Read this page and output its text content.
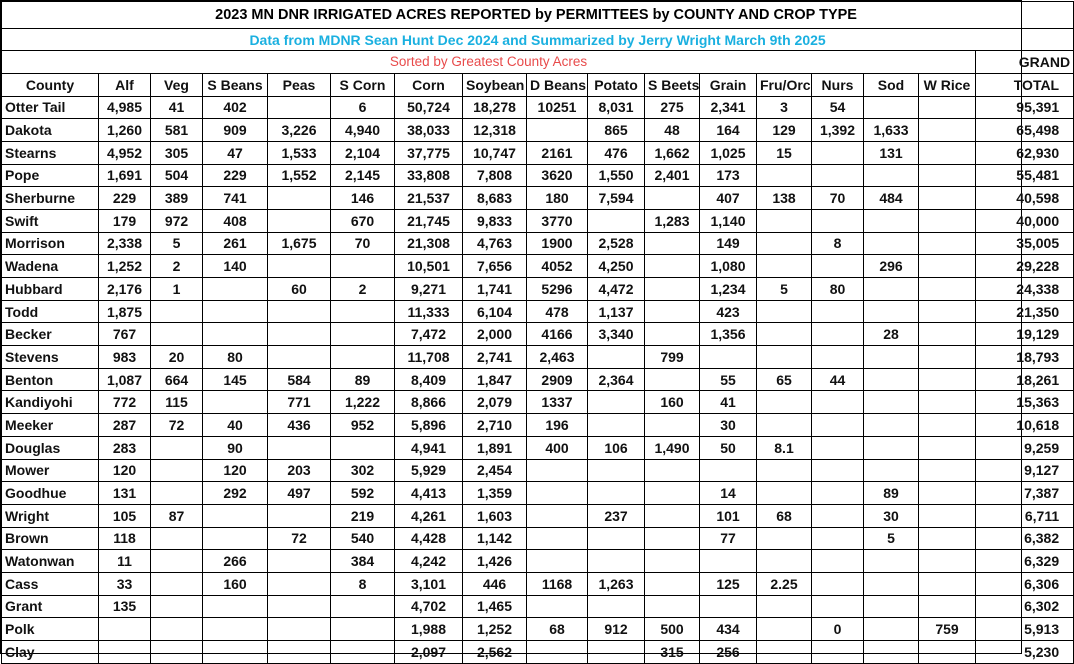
2023 MN DNR IRRIGATED ACRES REPORTED by PERMITTEES by COUNTY AND CROP TYPE																
Data from MDNR Sean Hunt Dec 2024 and Summarized by Jerry Wright March 9th 2025																
Sorted by Greatest County Acres																GRAND
County	Alf	Veg	S Beans	Peas	S Corn	Corn	Soybean	D Beans	Potato	S Beets	Grain	Fru/Orc	Nurs	Sod	W Rice	TOTAL
Otter Tail	4,985	41	402		6	50,724	18,278	10251	8,031	275	2,341	3	54			95,391
Dakota	1,260	581	909	3,226	4,940	38,033	12,318		865	48	164	129	1,392	1,633		65,498
Stearns	4,952	305	47	1,533	2,104	37,775	10,747	2161	476	1,662	1,025	15		131		62,930
Pope	1,691	504	229	1,552	2,145	33,808	7,808	3620	1,550	2,401	173					55,481
Sherburne	229	389	741		146	21,537	8,683	180	7,594		407	138	70	484		40,598
Swift	179	972	408		670	21,745	9,833	3770		1,283	1,140					40,000
Morrison	2,338	5	261	1,675	70	21,308	4,763	1900	2,528		149		8			35,005
Wadena	1,252	2	140			10,501	7,656	4052	4,250		1,080			296		29,228
Hubbard	2,176	1		60	2	9,271	1,741	5296	4,472		1,234	5	80			24,338
Todd	1,875					11,333	6,104	478	1,137		423					21,350
Becker	767					7,472	2,000	4166	3,340		1,356			28		19,129
Stevens	983	20	80			11,708	2,741	2,463		799						18,793
Benton	1,087	664	145	584	89	8,409	1,847	2909	2,364		55	65	44			18,261
Kandiyohi	772	115		771	1,222	8,866	2,079	1337		160	41					15,363
Meeker	287	72	40	436	952	5,896	2,710	196			30					10,618
Douglas	283		90			4,941	1,891	400	106	1,490	50	8.1				9,259
Mower	120		120	203	302	5,929	2,454									9,127
Goodhue	131		292	497	592	4,413	1,359				14			89		7,387
Wright	105	87			219	4,261	1,603		237		101	68		30		6,711
Brown	118			72	540	4,428	1,142				77			5		6,382
Watonwan	11		266		384	4,242	1,426									6,329
Cass	33		160		8	3,101	446	1168	1,263		125	2.25				6,306
Grant	135					4,702	1,465									6,302
Polk						1,988	1,252	68	912	500	434		0		759	5,913
Clay						2,097	2,562			315	256					5,230
